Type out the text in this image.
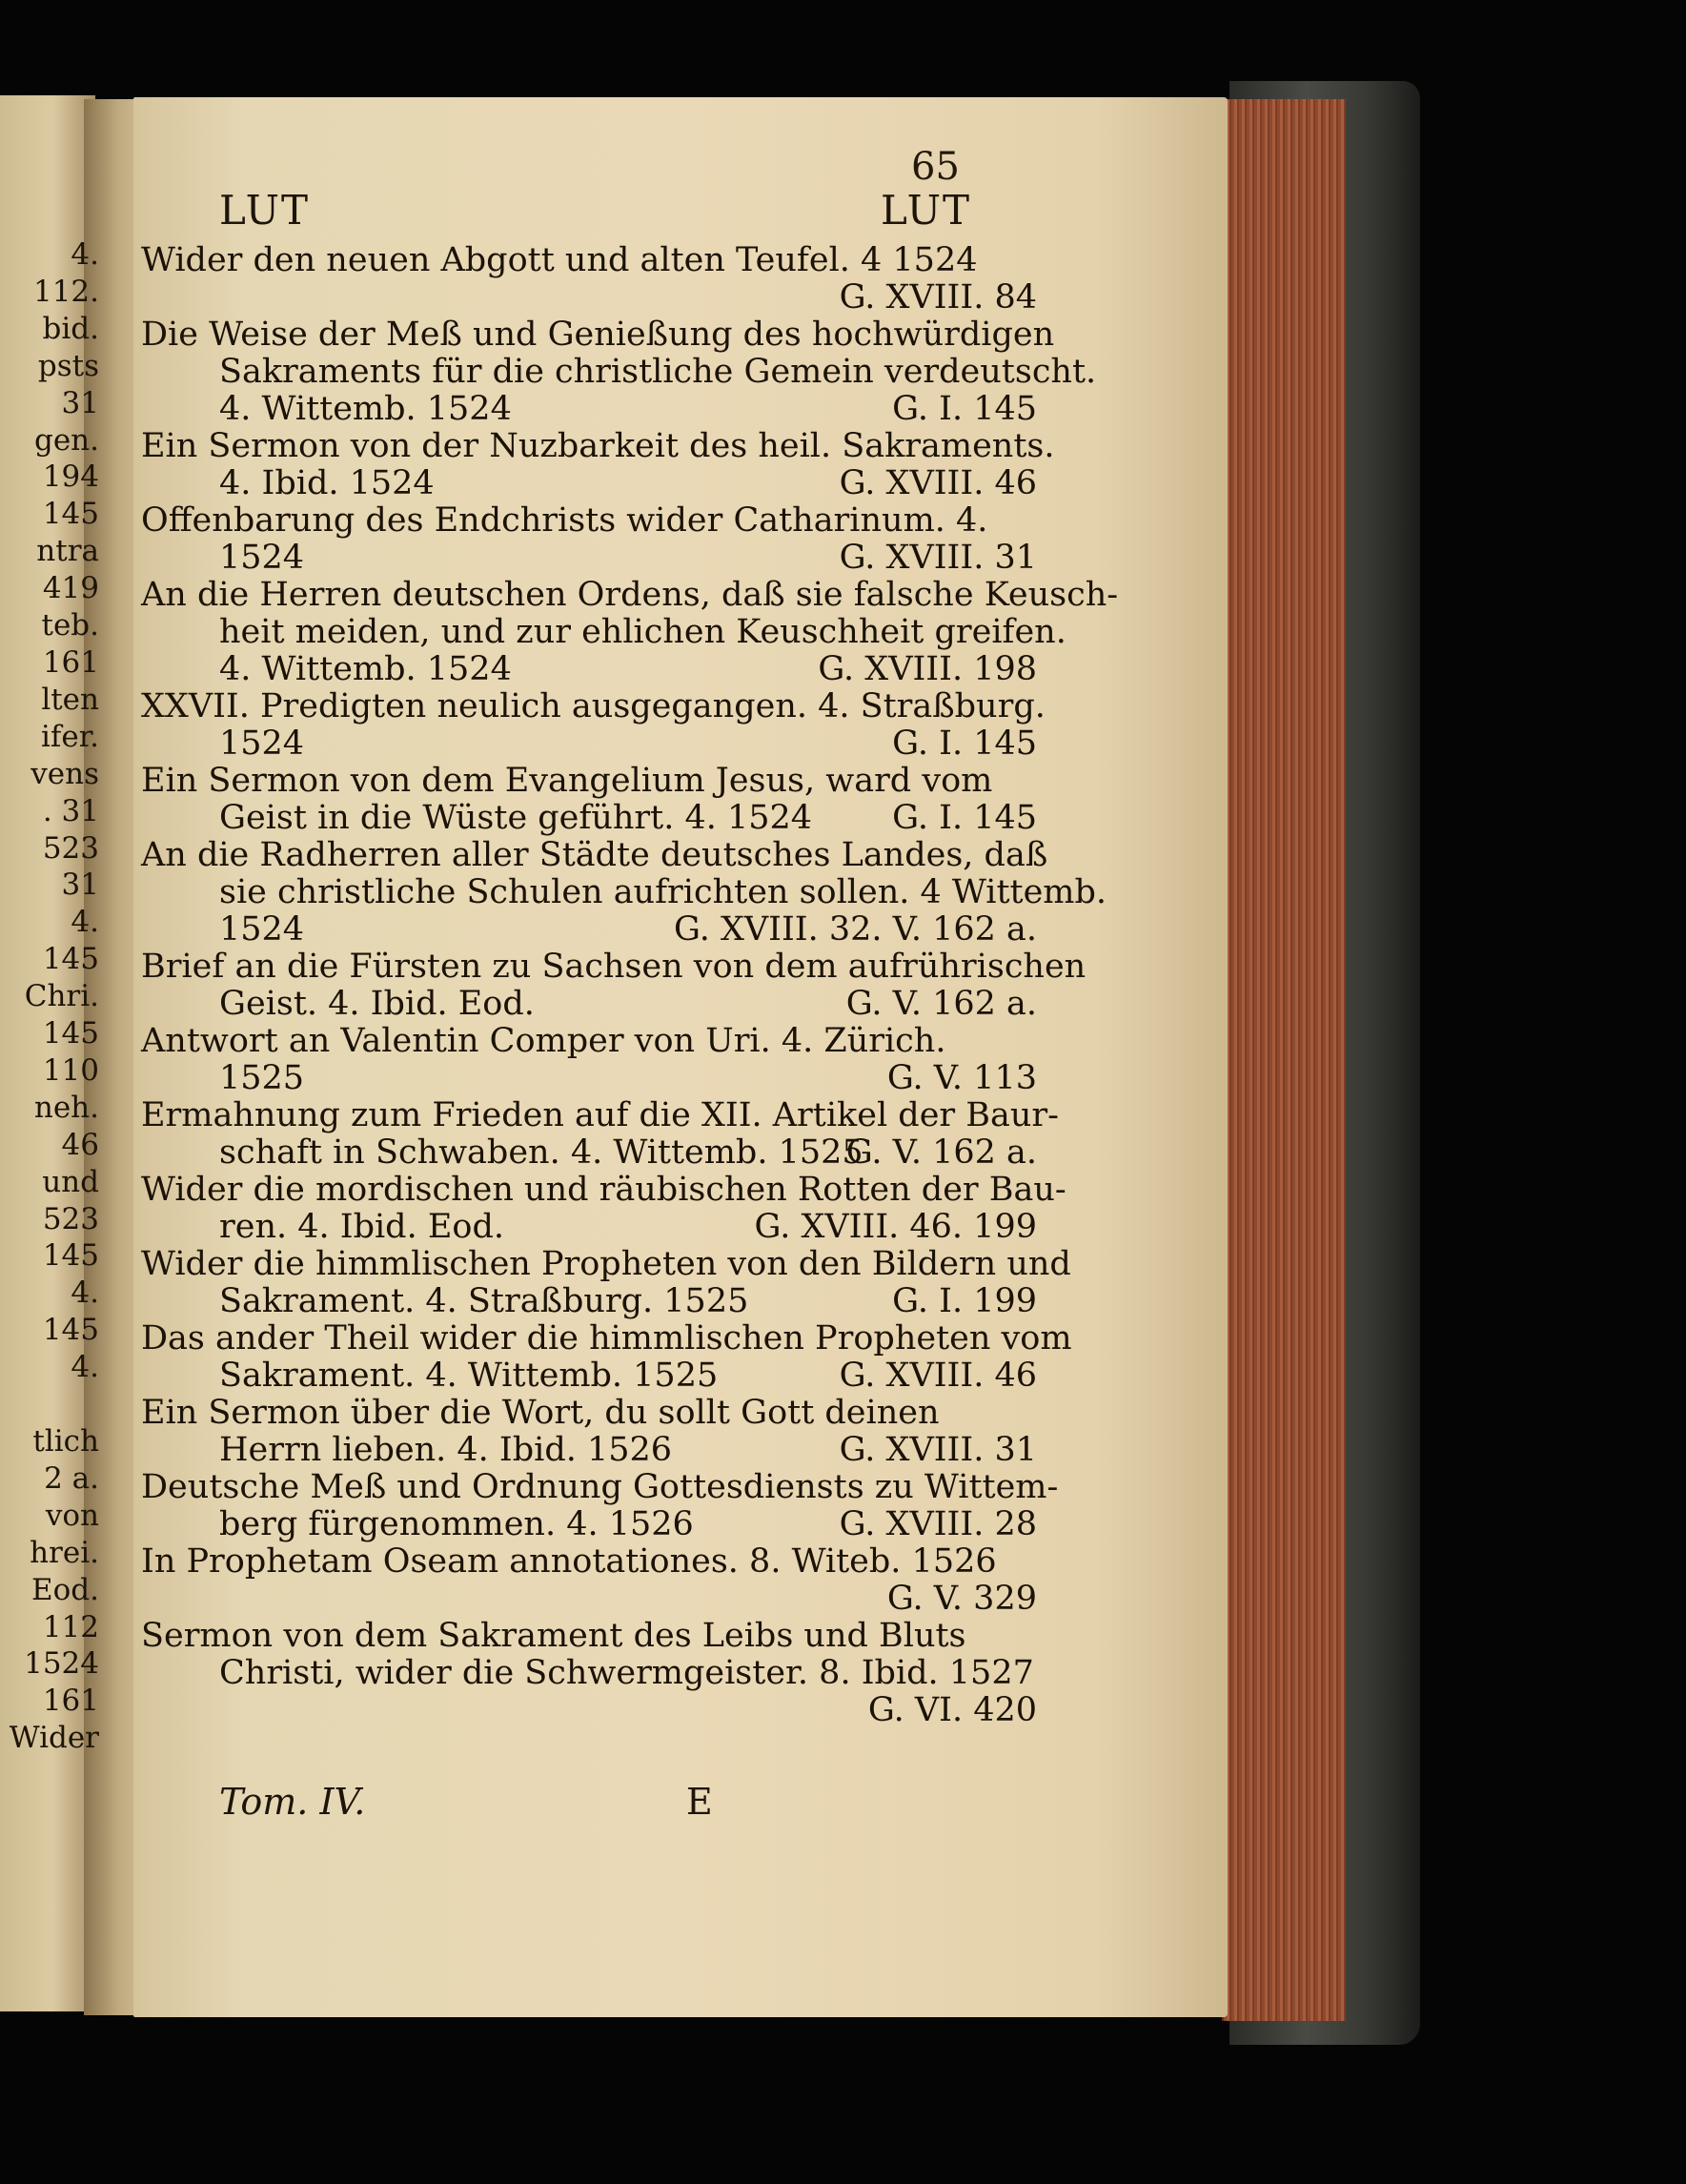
4.
112.
bid.
psts
31
gen.
194
145
ntra
419
teb.
161
lten
ifer.
vens
. 31
523
31
4.
145
Chri.
145
110
neh.
46
und
523
145
4.
145
4.

tlich
2 a.
von
hrei.
Eod.
112
1524
161
Wider
65
LUT	LUT
Wider den neuen Abgott und alten Teufel. 4 1524
G. XVIII. 84
Die Weise der Meß und Genießung des hochwürdigen
Sakraments für die christliche Gemein verdeutscht.
4. Wittemb. 1524	G. I. 145
Ein Sermon von der Nuzbarkeit des heil. Sakraments.
4. Ibid. 1524	G. XVIII. 46
Offenbarung des Endchrists wider Catharinum. 4.
1524	G. XVIII. 31
An die Herren deutschen Ordens, daß sie falsche Keusch-
heit meiden, und zur ehlichen Keuschheit greifen.
4. Wittemb. 1524	G. XVIII. 198
XXVII. Predigten neulich ausgegangen. 4. Straßburg.
1524	G. I. 145
Ein Sermon von dem Evangelium Jesus, ward vom
Geist in die Wüste geführt. 4. 1524 G. I. 145
An die Radherren aller Städte deutsches Landes, daß
sie christliche Schulen aufrichten sollen. 4 Wittemb.
1524	G. XVIII. 32. V. 162 a.
Brief an die Fürsten zu Sachsen von dem aufrührischen
Geist. 4. Ibid. Eod.	G. V. 162 a.
Antwort an Valentin Comper von Uri. 4. Zürich.
1525	G. V. 113
Ermahnung zum Frieden auf die XII. Artikel der Baur-
schaft in Schwaben. 4. Wittemb. 1525
G. V. 162 a.
Wider die mordischen und räubischen Rotten der Bau-
ren. 4. Ibid. Eod.	G. XVIII. 46. 199
Wider die himmlischen Propheten von den Bildern und
Sakrament. 4. Straßburg. 1525	G. I. 199
Das ander Theil wider die himmlischen Propheten vom
Sakrament. 4. Wittemb. 1525	G. XVIII. 46
Ein Sermon über die Wort, du sollt Gott deinen
Herrn lieben. 4. Ibid. 1526	G. XVIII. 31
Deutsche Meß und Ordnung Gottesdiensts zu Wittem-
berg fürgenommen. 4. 1526	G. XVIII. 28
In Prophetam Oseam annotationes. 8. Witeb. 1526
G. V. 329
Sermon von dem Sakrament des Leibs und Bluts
Christi, wider die Schwermgeister. 8. Ibid. 1527
G. VI. 420
Tom. IV.	E
